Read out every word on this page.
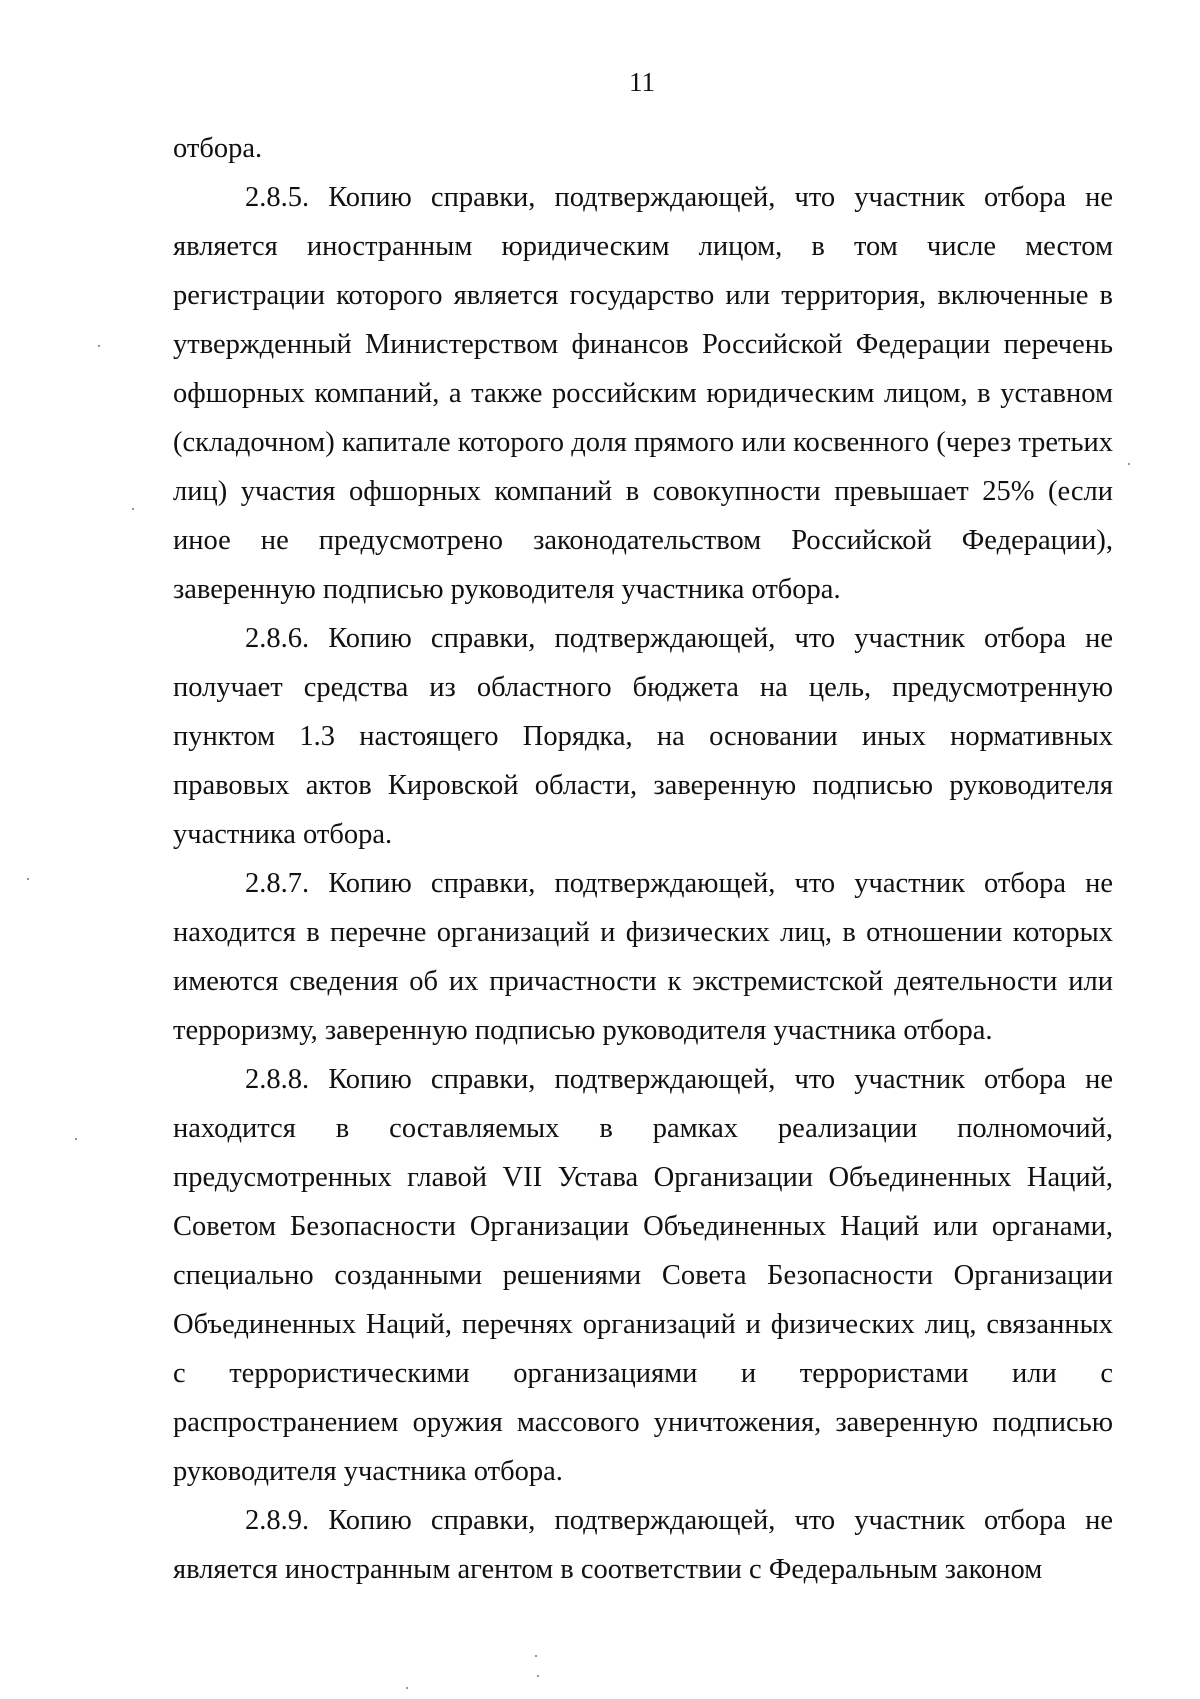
11

отбора.

2.8.5. Копию справки, подтверждающей, что участник отбора не является иностранным юридическим лицом, в том числе местом регистрации которого является государство или территория, включенные в утвержденный Министерством финансов Российской Федерации перечень офшорных компаний, а также российским юридическим лицом, в уставном (складочном) капитале которого доля прямого или косвенного (через третьих лиц) участия офшорных компаний в совокупности превышает 25% (если иное не предусмотрено законодательством Российской Федерации), заверенную подписью руководителя участника отбора.

2.8.6. Копию справки, подтверждающей, что участник отбора не получает средства из областного бюджета на цель, предусмотренную пунктом 1.3 настоящего Порядка, на основании иных нормативных правовых актов Кировской области, заверенную подписью руководителя участника отбора.

2.8.7. Копию справки, подтверждающей, что участник отбора не находится в перечне организаций и физических лиц, в отношении которых имеются сведения об их причастности к экстремистской деятельности или терроризму, заверенную подписью руководителя участника отбора.

2.8.8. Копию справки, подтверждающей, что участник отбора не находится в составляемых в рамках реализации полномочий, предусмотренных главой VII Устава Организации Объединенных Наций, Советом Безопасности Организации Объединенных Наций или органами, специально созданными решениями Совета Безопасности Организации Объединенных Наций, перечнях организаций и физических лиц, связанных с террористическими организациями и террористами или с распространением оружия массового уничтожения, заверенную подписью руководителя участника отбора.

2.8.9. Копию справки, подтверждающей, что участник отбора не является иностранным агентом в соответствии с Федеральным законом
